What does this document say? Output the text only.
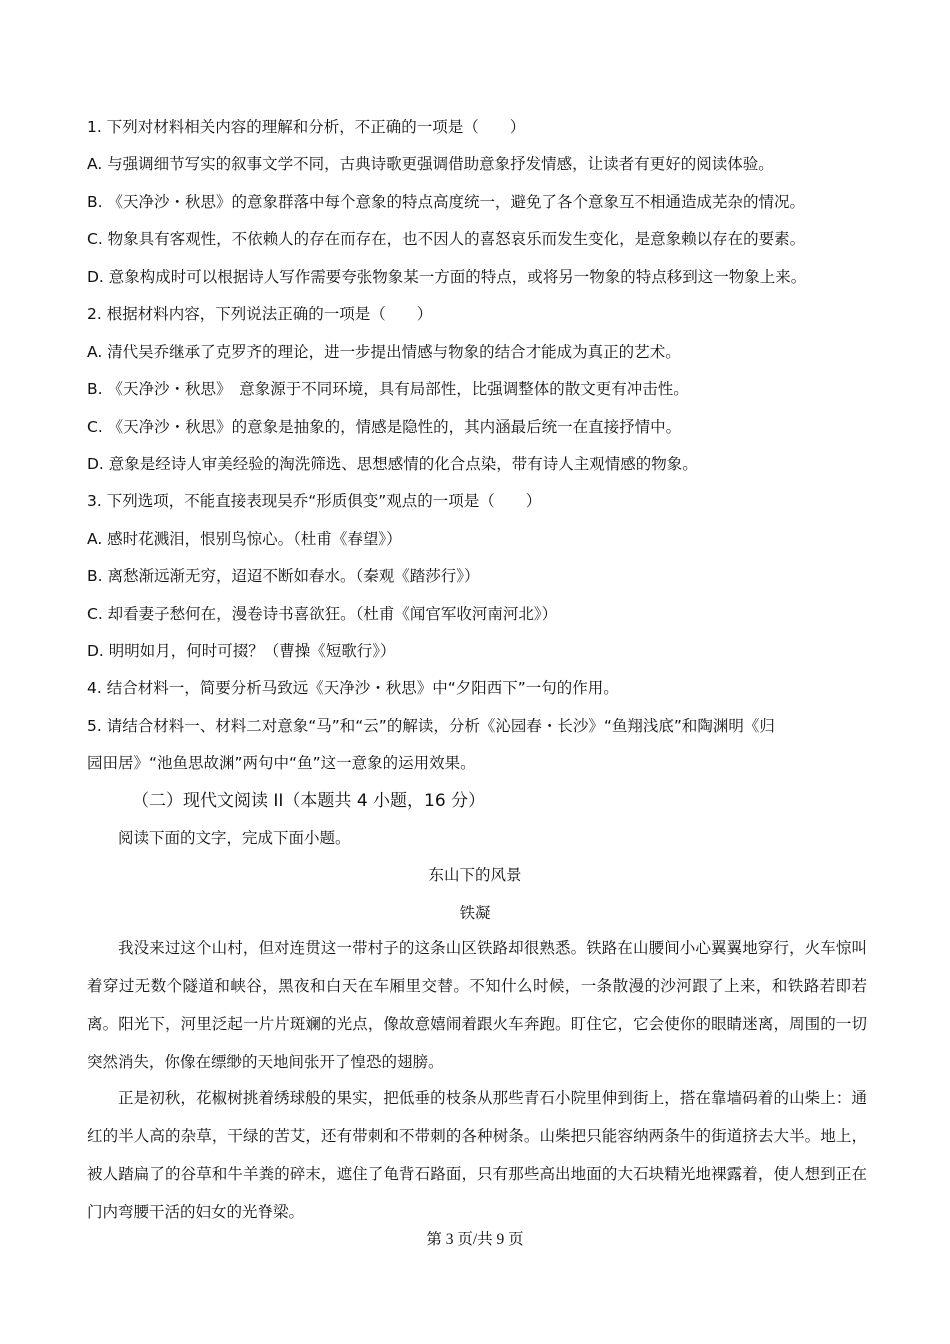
1. 下列对材料相关内容的理解和分析，不正确的一项是（　　）
A. 与强调细节写实的叙事文学不同，古典诗歌更强调借助意象抒发情感，让读者有更好的阅读体验。
B. 《天净沙・秋思》的意象群落中每个意象的特点高度统一，避免了各个意象互不相通造成芜杂的情况。
C. 物象具有客观性，不依赖人的存在而存在，也不因人的喜怒哀乐而发生变化，是意象赖以存在的要素。
D. 意象构成时可以根据诗人写作需要夸张物象某一方面的特点，或将另一物象的特点移到这一物象上来。
2. 根据材料内容，下列说法正确的一项是（　　）
A. 清代吴乔继承了克罗齐的理论，进一步提出情感与物象的结合才能成为真正的艺术。
B. 《天净沙・秋思》　意象源于不同环境，具有局部性，比强调整体的散文更有冲击性。
C. 《天净沙・秋思》的意象是抽象的，情感是隐性的，其内涵最后统一在直接抒情中。
D. 意象是经诗人审美经验的淘洗筛选、思想感情的化合点染，带有诗人主观情感的物象。
3. 下列选项，不能直接表现吴乔“形质俱变”观点的一项是（　　）
A. 感时花溅泪，恨别鸟惊心。（杜甫《春望》）
B. 离愁渐远渐无穷，迢迢不断如春水。（秦观《踏莎行》）
C. 却看妻子愁何在，漫卷诗书喜欲狂。（杜甫《闻官军收河南河北》）
D. 明明如月，何时可掇？（曹操《短歌行》）
4. 结合材料一，简要分析马致远《天净沙・秋思》中“夕阳西下”一句的作用。
5. 请结合材料一、材料二对意象“马”和“云”的解读，分析《沁园春・长沙》“鱼翔浅底”和陶渊明《归
园田居》“池鱼思故渊”两句中“鱼”这一意象的运用效果。
（二）现代文阅读 II（本题共 4 小题，16 分）
阅读下面的文字，完成下面小题。
东山下的风景
铁凝
我没来过这个山村，但对连贯这一带村子的这条山区铁路却很熟悉。铁路在山腰间小心翼翼地穿行，火车惊叫着穿过无数个隧道和峡谷，黑夜和白天在车厢里交替。不知什么时候，一条散漫的沙河跟了上来，和铁路若即若离。阳光下，河里泛起一片片斑斓的光点，像故意嬉闹着跟火车奔跑。盯住它，它会使你的眼睛迷离，周围的一切突然消失，你像在缥缈的天地间张开了惶恐的翅膀。
正是初秋，花椒树挑着绣球般的果实，把低垂的枝条从那些青石小院里伸到街上，搭在靠墙码着的山柴上：通红的半人高的杂草，干绿的苦艾，还有带刺和不带刺的各种树条。山柴把只能容纳两条牛的街道挤去大半。地上，被人踏扁了的谷草和牛羊粪的碎末，遮住了龟背石路面，只有那些高出地面的大石块精光地裸露着，使人想到正在门内弯腰干活的妇女的光脊梁。
第 3 页/共 9 页
